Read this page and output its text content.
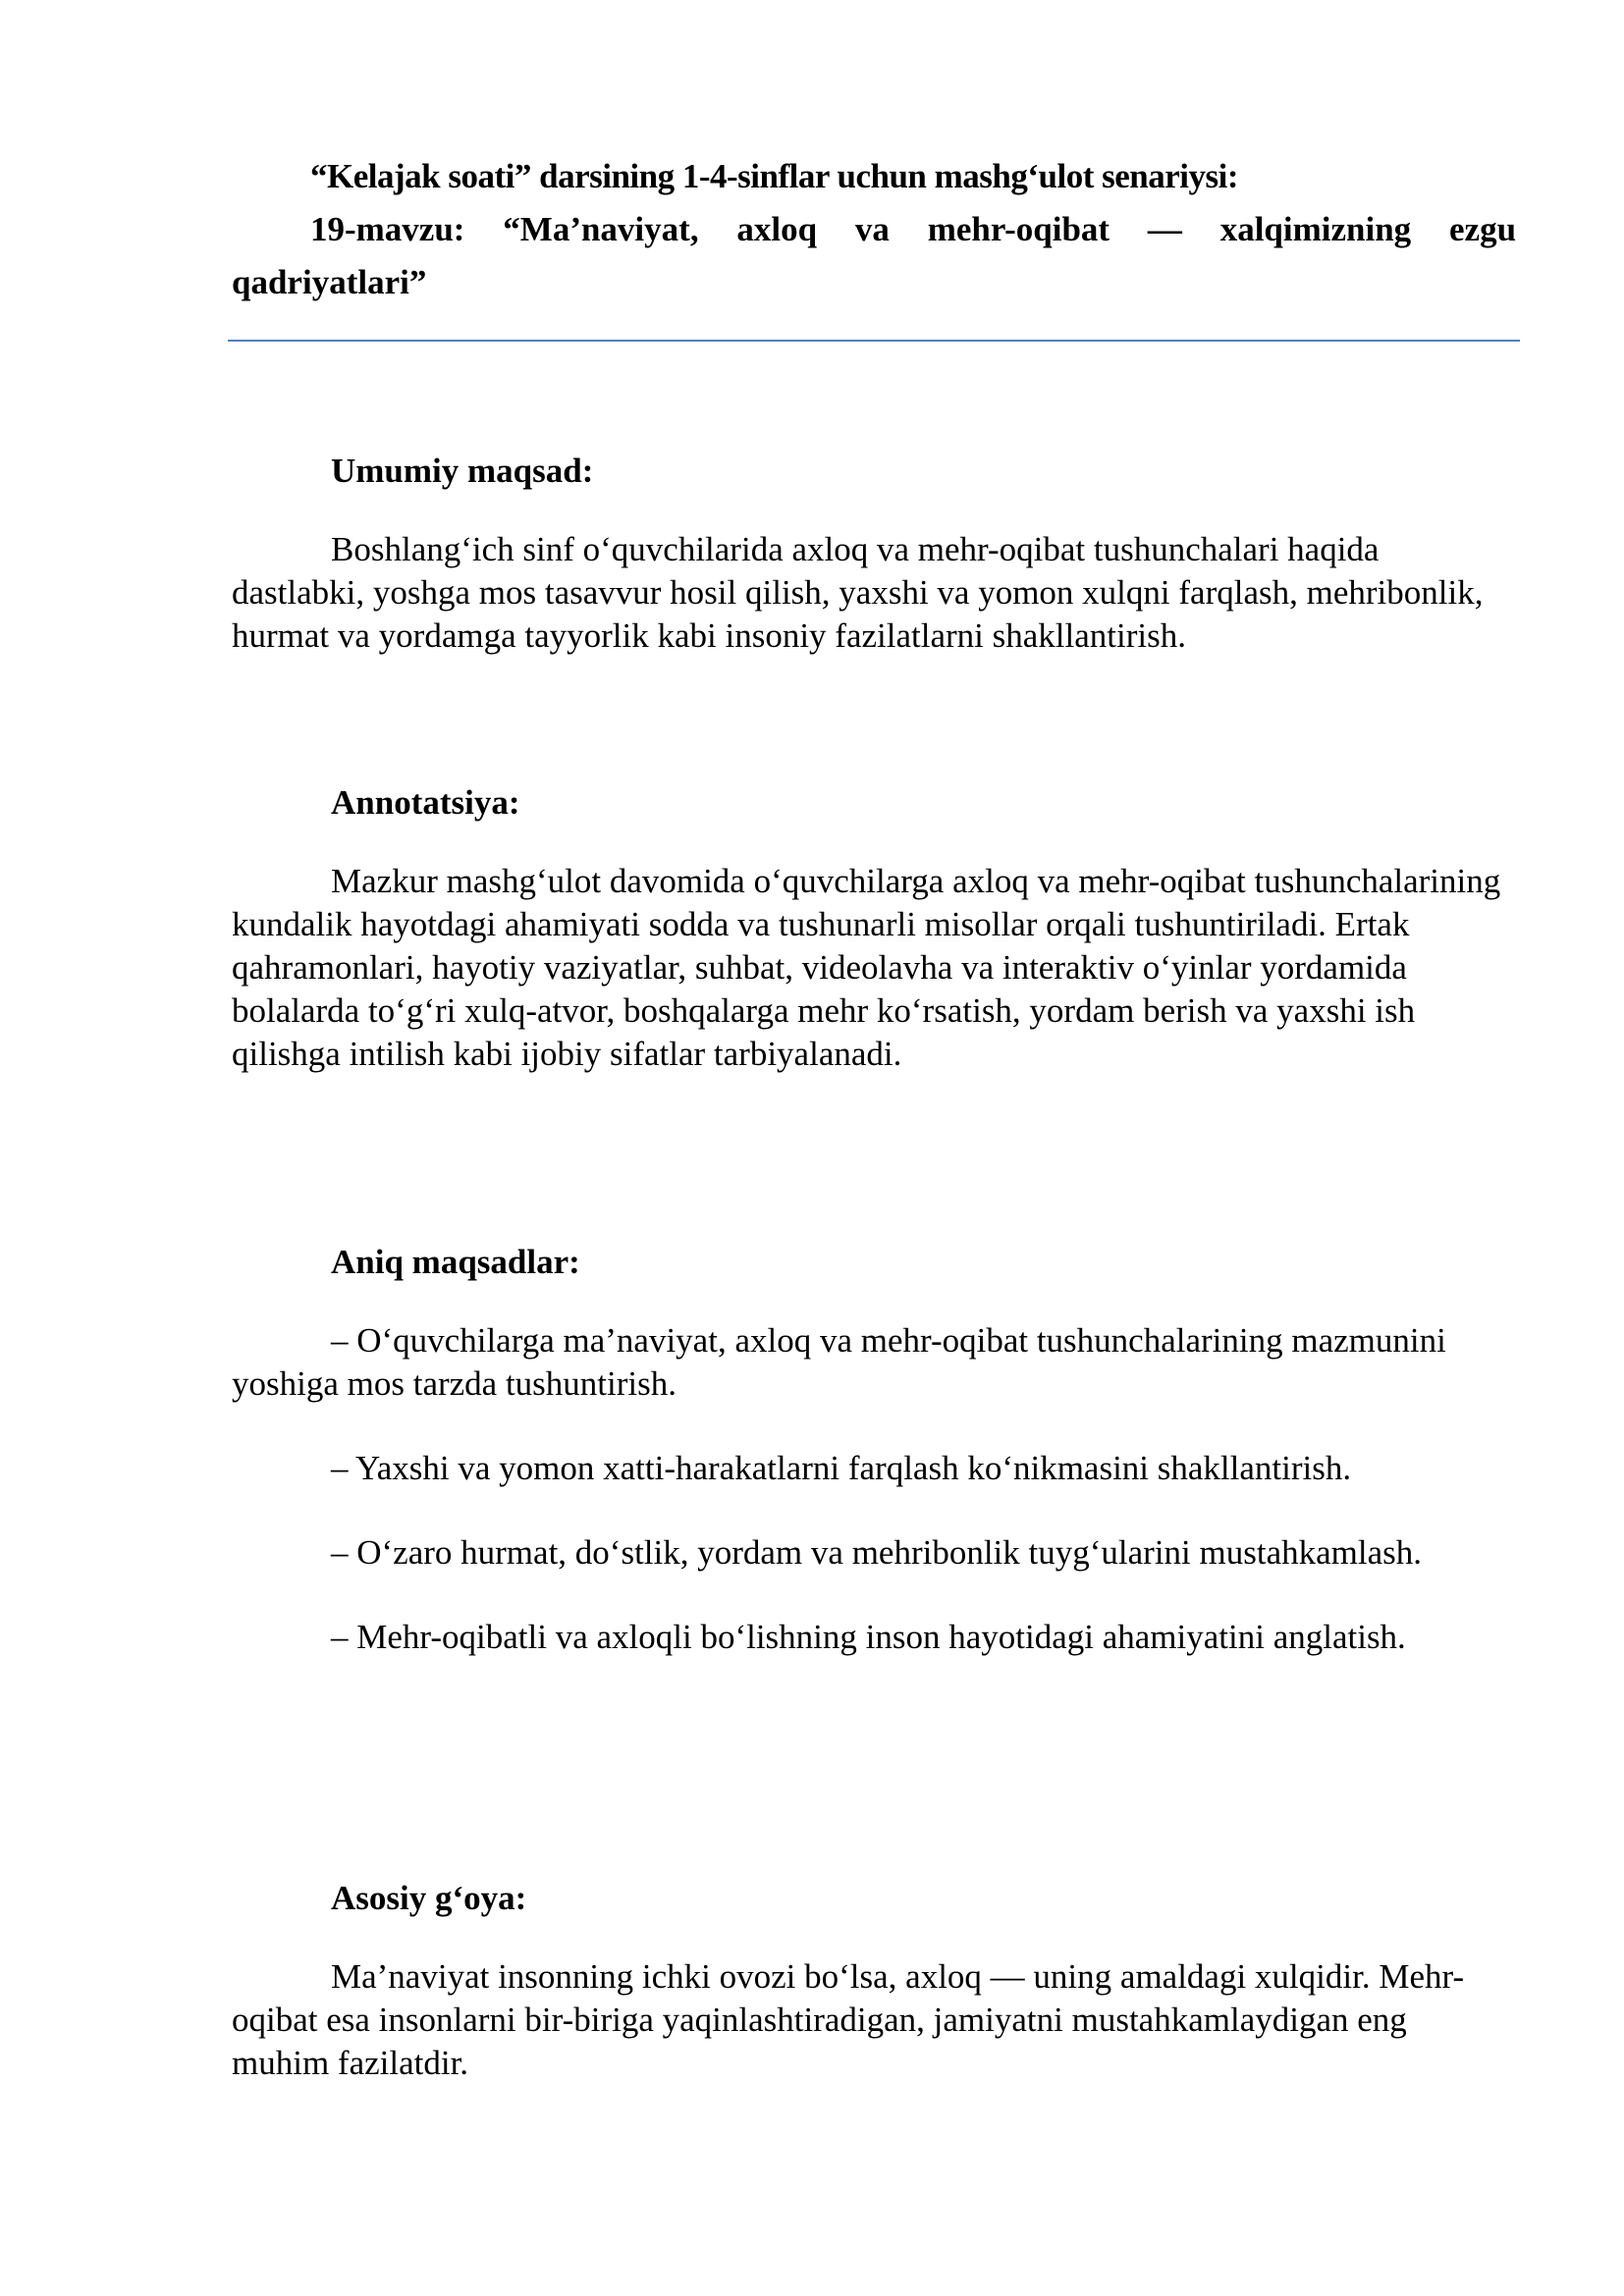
“Kelajak soati” darsining 1-4-sinflar uchun mashg‘ulot senariysi:
19-mavzu: “Ma’naviyat, axloq va mehr-oqibat — xalqimizning ezgu
qadriyatlari”

Umumiy maqsad:

Boshlang‘ich sinf o‘quvchilarida axloq va mehr-oqibat tushunchalari haqida dastlabki, yoshga mos tasavvur hosil qilish, yaxshi va yomon xulqni farqlash, mehribonlik, hurmat va yordamga tayyorlik kabi insoniy fazilatlarni shakllantirish.

Annotatsiya:

Mazkur mashg‘ulot davomida o‘quvchilarga axloq va mehr-oqibat tushunchalarining kundalik hayotdagi ahamiyati sodda va tushunarli misollar orqali tushuntiriladi. Ertak qahramonlari, hayotiy vaziyatlar, suhbat, videolavha va interaktiv o‘yinlar yordamida bolalarda to‘g‘ri xulq-atvor, boshqalarga mehr ko‘rsatish, yordam berish va yaxshi ish qilishga intilish kabi ijobiy sifatlar tarbiyalanadi.

Aniq maqsadlar:

– O‘quvchilarga ma’naviyat, axloq va mehr-oqibat tushunchalarining mazmunini yoshiga mos tarzda tushuntirish.

– Yaxshi va yomon xatti-harakatlarni farqlash ko‘nikmasini shakllantirish.

– O‘zaro hurmat, do‘stlik, yordam va mehribonlik tuyg‘ularini mustahkamlash.

– Mehr-oqibatli va axloqli bo‘lishning inson hayotidagi ahamiyatini anglatish.

Asosiy g‘oya:

Ma’naviyat insonning ichki ovozi bo‘lsa, axloq — uning amaldagi xulqidir. Mehr-oqibat esa insonlarni bir-biriga yaqinlashtiradigan, jamiyatni mustahkamlaydigan eng muhim fazilatdir.
